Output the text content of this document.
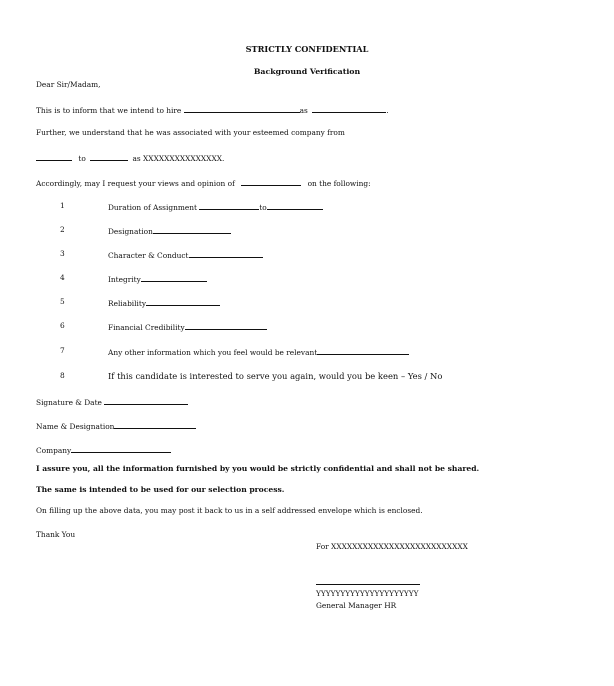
STRICTLY CONFIDENTIAL
Background Verification
Dear Sir/Madam,
This is to inform that we intend to hire	as	.
Further, we understand that he was associated with your esteemed company from
to	as XXXXXXXXXXXXXXX.
Accordingly, may I request your views and opinion of	on the following:
1	Duration of Assignment	to
2	Designation
3	Character & Conduct
4	Integrity
5	Reliability
6	Financial Credibility
7	Any other information which you feel would be relevant
8	If this candidate is interested to serve you again, would you be keen – Yes / No
Signature & Date
Name & Designation
Company
I assure you, all the information furnished by you would be strictly confidential and shall not be shared.
The same is intended to be used for our selection process.
On filling up the above data, you may post it back to us in a self addressed envelope which is enclosed.
Thank You
For XXXXXXXXXXXXXXXXXXXXXXXXXX
YYYYYYYYYYYYYYYYYYYYY
General Manager HR
